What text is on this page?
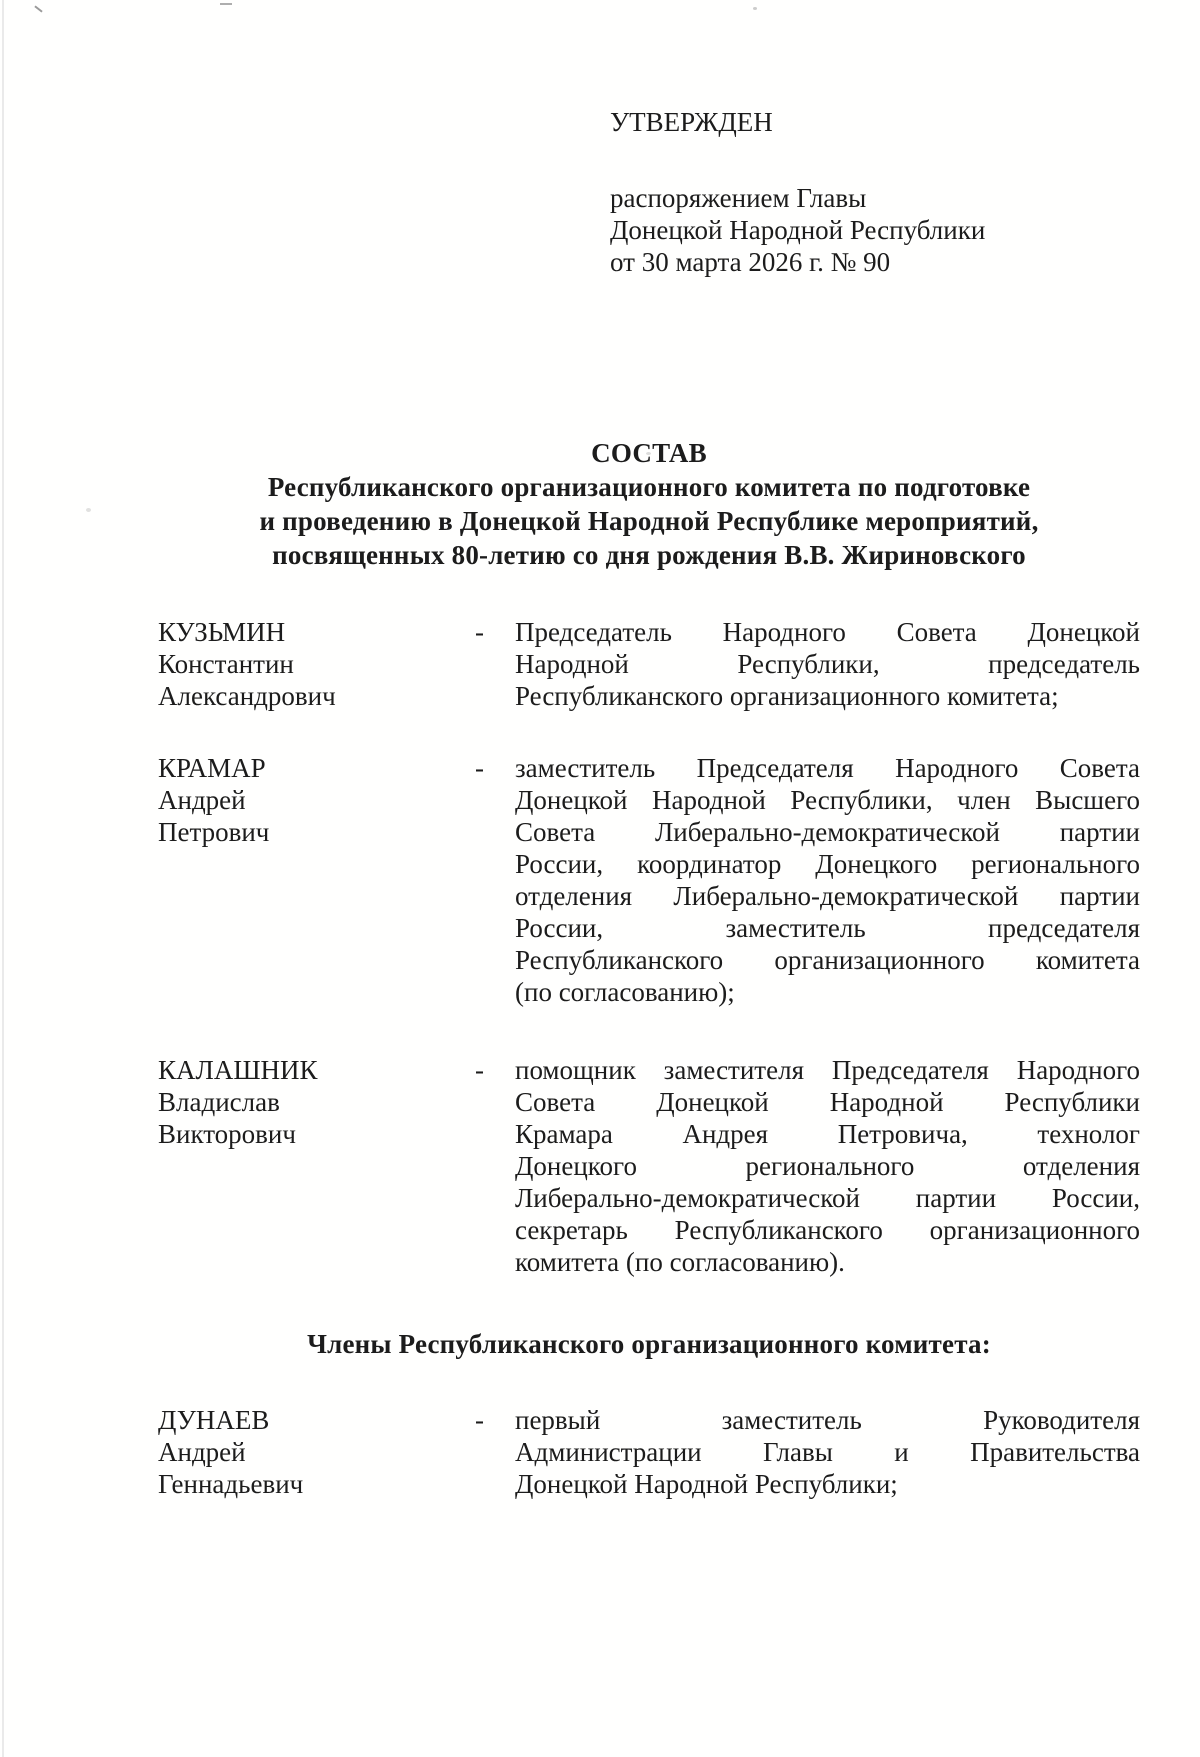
УТВЕРЖДЕН
распоряжением Главы
Донецкой Народной Республики
от 30 марта 2026 г. № 90
СОСТАВ
Республиканского организационного комитета по подготовке
и проведению в Донецкой Народной Республике мероприятий,
посвященных 80-летию со дня рождения В.В. Жириновского
КУЗЬМИН
Константин
Александрович
-	Председатель Народного Совета Донецкой
Народной Республики, председатель
Республиканского организационного комитета;
КРАМАР
Андрей
Петрович
-	заместитель Председателя Народного Совета
Донецкой Народной Республики, член Высшего
Совета Либерально-демократической партии
России, координатор Донецкого регионального
отделения Либерально-демократической партии
России, заместитель председателя
Республиканского организационного комитета
(по согласованию);
КАЛАШНИК
Владислав
Викторович
-	помощник заместителя Председателя Народного
Совета Донецкой Народной Республики
Крамара Андрея Петровича, технолог
Донецкого регионального отделения
Либерально-демократической партии России,
секретарь Республиканского организационного
комитета (по согласованию).
Члены Республиканского организационного комитета:
ДУНАЕВ
Андрей
Геннадьевич
-	первый заместитель Руководителя
Администрации Главы и Правительства
Донецкой Народной Республики;
